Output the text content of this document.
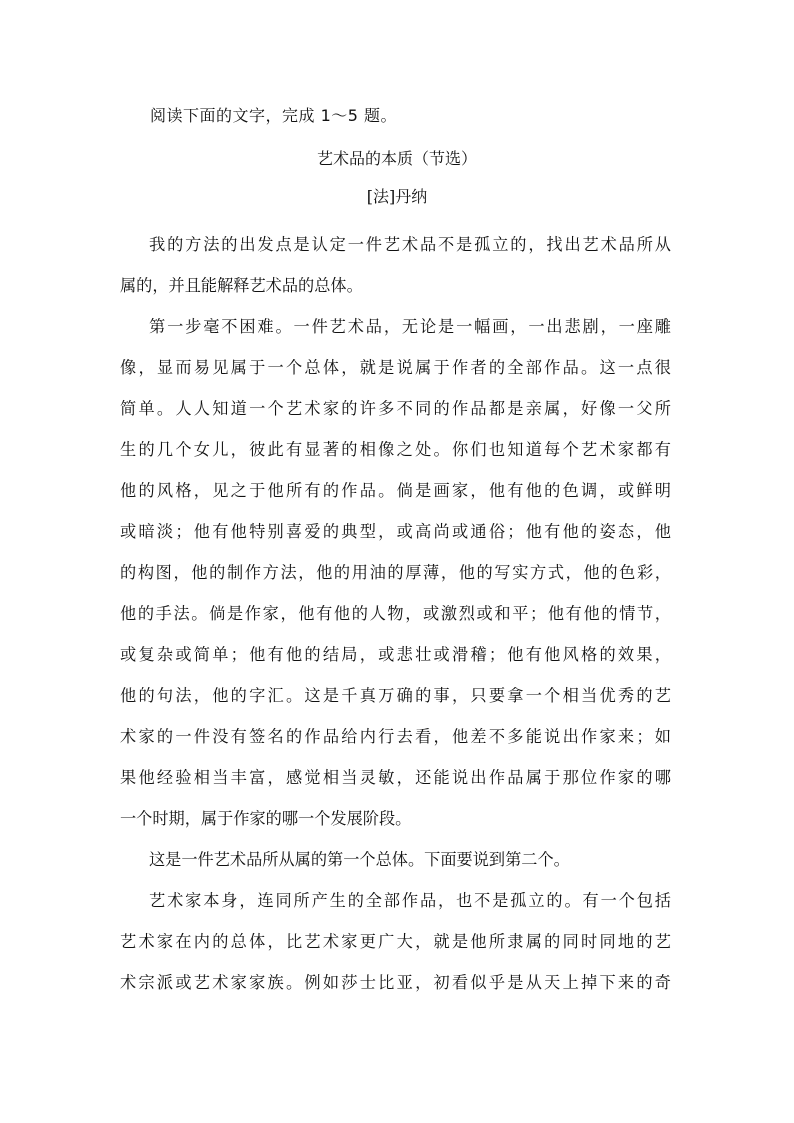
阅读下面的文字，完成 1～5 题。
艺术品的本质（节选）
[法]丹纳
我的方法的出发点是认定一件艺术品不是孤立的，找出艺术品所从
属的，并且能解释艺术品的总体。
第一步毫不困难。一件艺术品，无论是一幅画，一出悲剧，一座雕
像，显而易见属于一个总体，就是说属于作者的全部作品。这一点很
简单。人人知道一个艺术家的许多不同的作品都是亲属，好像一父所
生的几个女儿，彼此有显著的相像之处。你们也知道每个艺术家都有
他的风格，见之于他所有的作品。倘是画家，他有他的色调，或鲜明
或暗淡；他有他特别喜爱的典型，或高尚或通俗；他有他的姿态，他
的构图，他的制作方法，他的用油的厚薄，他的写实方式，他的色彩，
他的手法。倘是作家，他有他的人物，或激烈或和平；他有他的情节，
或复杂或简单；他有他的结局，或悲壮或滑稽；他有他风格的效果，
他的句法，他的字汇。这是千真万确的事，只要拿一个相当优秀的艺
术家的一件没有签名的作品给内行去看，他差不多能说出作家来；如
果他经验相当丰富，感觉相当灵敏，还能说出作品属于那位作家的哪
一个时期，属于作家的哪一个发展阶段。
这是一件艺术品所从属的第一个总体。下面要说到第二个。
艺术家本身，连同所产生的全部作品，也不是孤立的。有一个包括
艺术家在内的总体，比艺术家更广大，就是他所隶属的同时同地的艺
术宗派或艺术家家族。例如莎士比亚，初看似乎是从天上掉下来的奇
